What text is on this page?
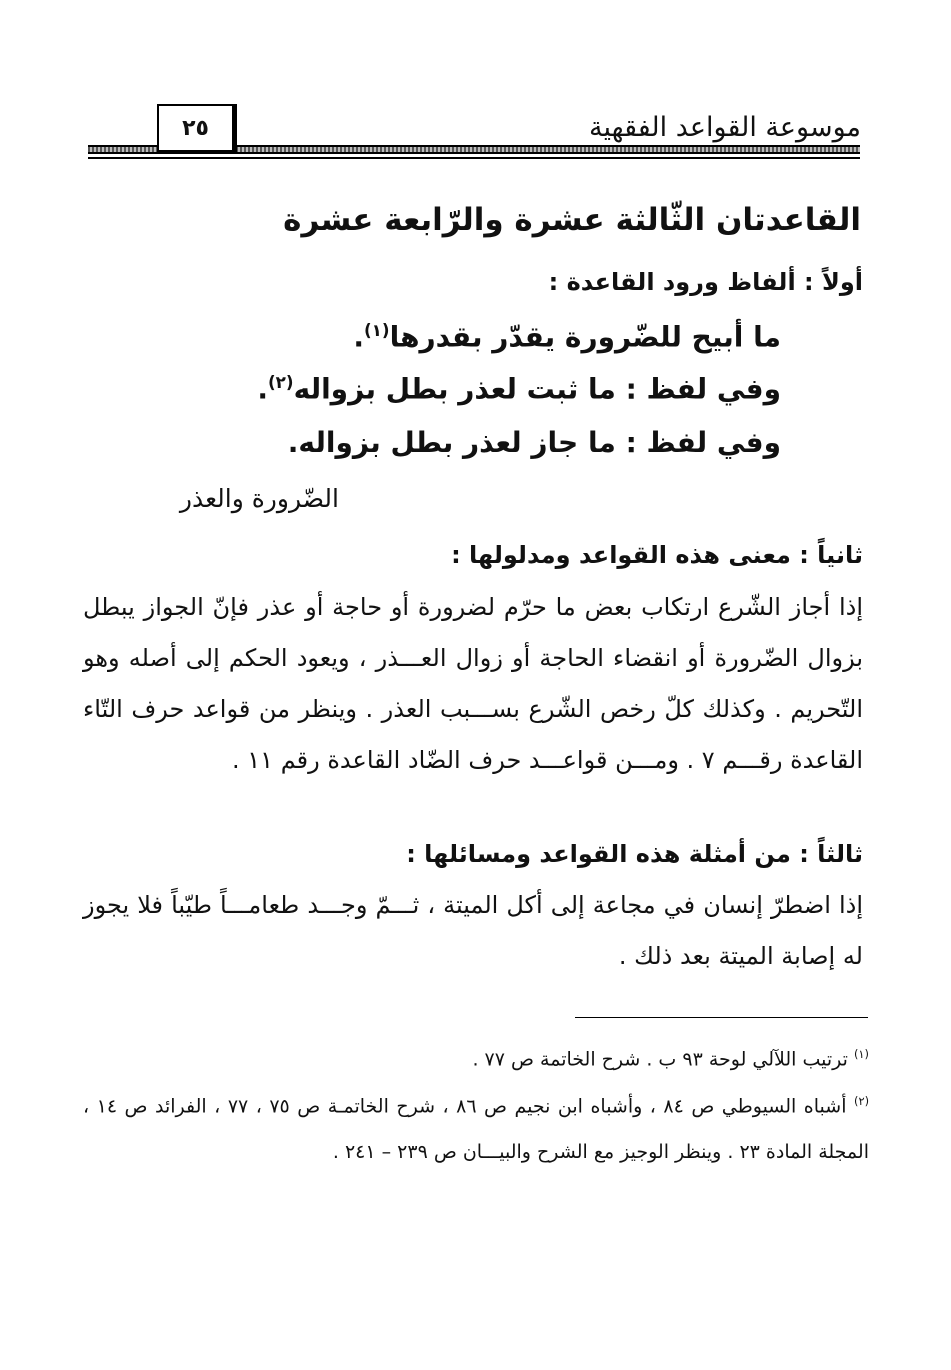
موسوعة القواعد الفقهية
٢٥
القاعدتان الثّالثة عشرة والرّابعة عشرة
أولاً : ألفاظ ورود القاعدة :
ما أبيح للضّرورة يقدّر بقدرها$^{(١)}$.
وفي لفظ : ما ثبت لعذر بطل بزواله$^{(٢)}$.
وفي لفظ : ما جاز لعذر بطل بزواله.
الضّرورة والعذر
ثانياً : معنى هذه القواعد ومدلولها :
إذا أجاز الشّرع ارتكاب بعض ما حرّم لضرورة أو حاجة أو عذر فإنّ الجواز يبطل بزوال الضّرورة أو انقضاء الحاجة أو زوال العـــذر ، ويعود الحكم إلى أصله وهو التّحريم . وكذلك كلّ رخص الشّرع بســـبب العذر . وينظر من قواعد حرف التّاء القاعدة رقـــم ٧ . ومـــن قواعـــد حرف الضّاد القاعدة رقم ١١ .
ثالثاً : من أمثلة هذه القواعد ومسائلها :
إذا اضطرّ إنسان في مجاعة إلى أكل الميتة ، ثـــمّ وجـــد طعامـــاً طيّباً فلا يجوز له إصابة الميتة بعد ذلك .
$^{(١)}$ ترتيب اللآلي لوحة ٩٣ ب . شرح الخاتمة ص ٧٧ .
$^{(٢)}$ أشباه السيوطي ص ٨٤ ، وأشباه ابن نجيم ص ٨٦ ، شرح الخاتمـة ص ٧٥ ، ٧٧ ، الفرائد ص ١٤ ، المجلة المادة ٢٣ . وينظر الوجيز مع الشرح والبيـــان ص ٢٣٩ – ٢٤١ .
